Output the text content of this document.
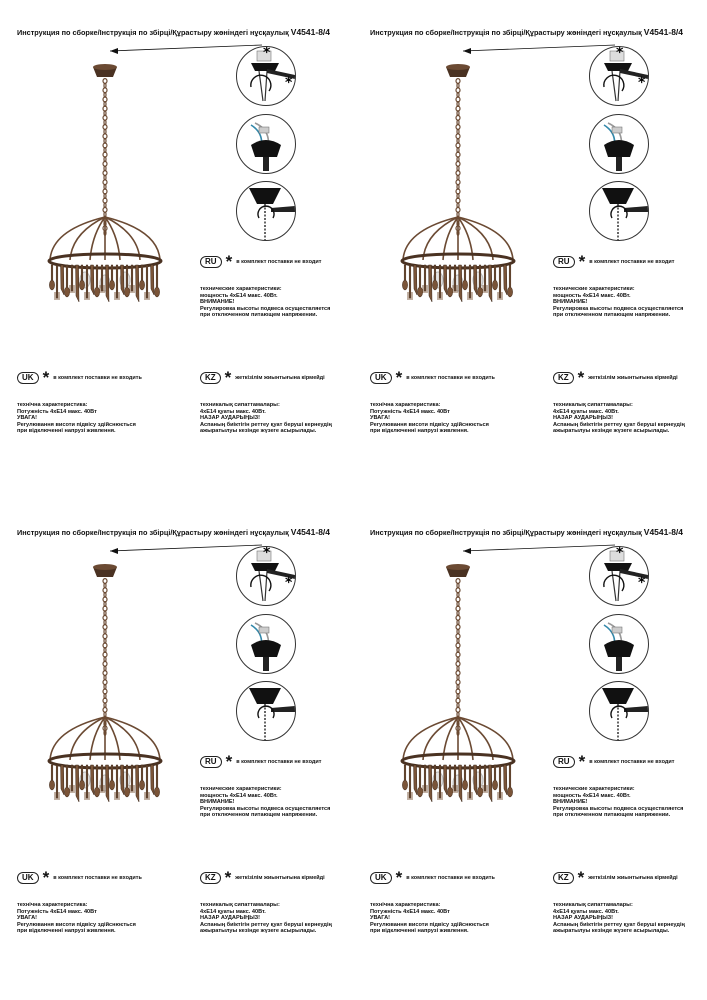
Инструкция по сборке/Інструкція по збірці/Құрастыру жөніндегі нұсқаулық V4541-8/4
*
*
RU * в комплект поставки не входит
технические характеристики:
мощность 4xE14 макс. 40Вт.
ВНИМАНИЕ!
Регулировка высоты подвеса осуществляется
при отключенном питающем напряжении.
UK * в комплект поставки не входить
технічна характеристика:
Потужність 4xE14 макс. 40Вт
УВАГА!
Регулювання висоти підвісу здійснюється
при відключенні напрузі живлення.
KZ * жеткізілім жиынтығына кірмейді
техникалық сипаттамалары:
4xE14 қуаты макс. 40Вт.
НАЗАР АУДАРЫҢЫЗ!
Аспаның биіктігін реттеу қуат беруші кернеудің
ажыратылуы кезінде жүзеге асырылады.
Инструкция по сборке/Інструкція по збірці/Құрастыру жөніндегі нұсқаулық V4541-8/4
*
*
RU * в комплект поставки не входит
технические характеристики:
мощность 4xE14 макс. 40Вт.
ВНИМАНИЕ!
Регулировка высоты подвеса осуществляется
при отключенном питающем напряжении.
UK * в комплект поставки не входить
технічна характеристика:
Потужність 4xE14 макс. 40Вт
УВАГА!
Регулювання висоти підвісу здійснюється
при відключенні напрузі живлення.
KZ * жеткізілім жиынтығына кірмейді
техникалық сипаттамалары:
4xE14 қуаты макс. 40Вт.
НАЗАР АУДАРЫҢЫЗ!
Аспаның биіктігін реттеу қуат беруші кернеудің
ажыратылуы кезінде жүзеге асырылады.
Инструкция по сборке/Інструкція по збірці/Құрастыру жөніндегі нұсқаулық V4541-8/4
*
*
RU * в комплект поставки не входит
технические характеристики:
мощность 4xE14 макс. 40Вт.
ВНИМАНИЕ!
Регулировка высоты подвеса осуществляется
при отключенном питающем напряжении.
UK * в комплект поставки не входить
технічна характеристика:
Потужність 4xE14 макс. 40Вт
УВАГА!
Регулювання висоти підвісу здійснюється
при відключенні напрузі живлення.
KZ * жеткізілім жиынтығына кірмейді
техникалық сипаттамалары:
4xE14 қуаты макс. 40Вт.
НАЗАР АУДАРЫҢЫЗ!
Аспаның биіктігін реттеу қуат беруші кернеудің
ажыратылуы кезінде жүзеге асырылады.
Инструкция по сборке/Інструкція по збірці/Құрастыру жөніндегі нұсқаулық V4541-8/4
*
*
RU * в комплект поставки не входит
технические характеристики:
мощность 4xE14 макс. 40Вт.
ВНИМАНИЕ!
Регулировка высоты подвеса осуществляется
при отключенном питающем напряжении.
UK * в комплект поставки не входить
технічна характеристика:
Потужність 4xE14 макс. 40Вт
УВАГА!
Регулювання висоти підвісу здійснюється
при відключенні напрузі живлення.
KZ * жеткізілім жиынтығына кірмейді
техникалық сипаттамалары:
4xE14 қуаты макс. 40Вт.
НАЗАР АУДАРЫҢЫЗ!
Аспаның биіктігін реттеу қуат беруші кернеудің
ажыратылуы кезінде жүзеге асырылады.
